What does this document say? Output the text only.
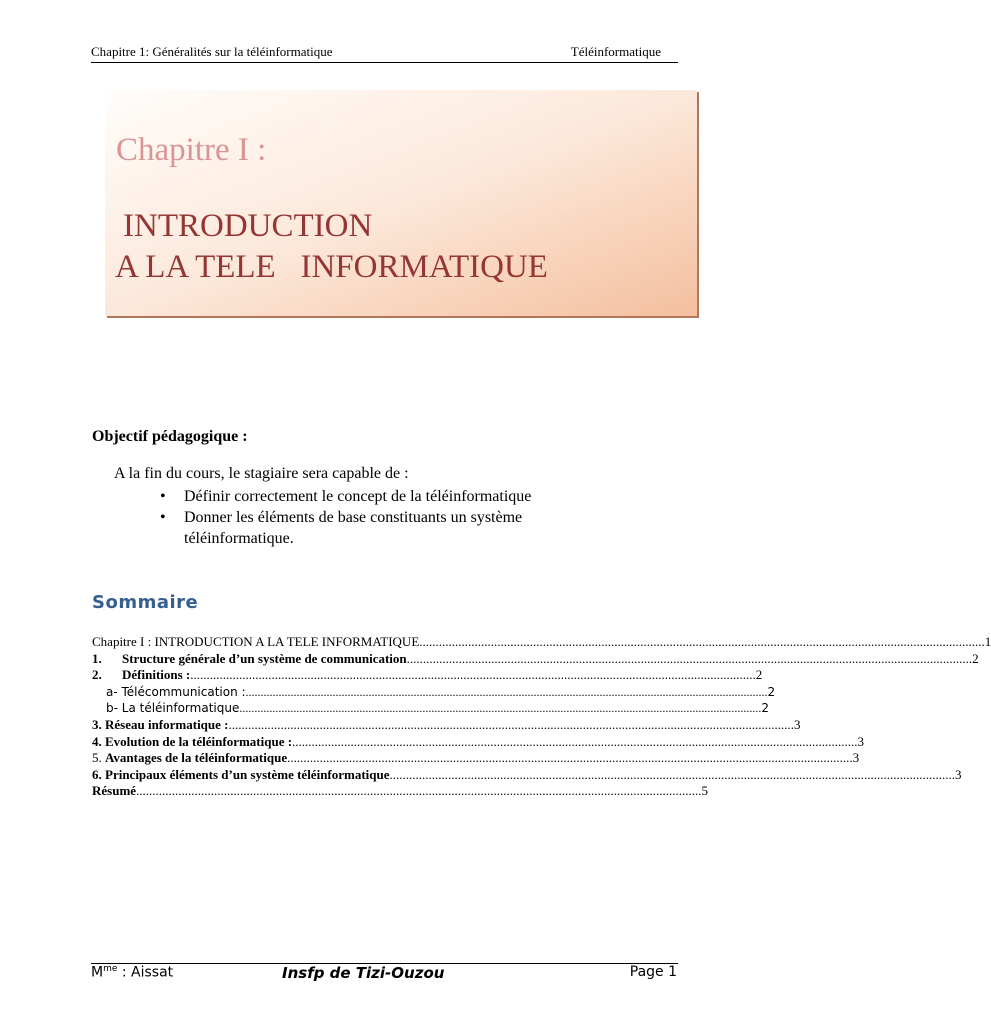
Chapitre 1: Généralités sur la téléinformatique	Téléinformatique
Chapitre I :
INTRODUCTION
A LA TELE   INFORMATIQUE
Objectif pédagogique :
A la fin du cours, le stagiaire sera capable de :
• Définir correctement le concept de la téléinformatique
• Donner les éléments de base constituants un système téléinformatique.
Sommaire
Chapitre I : INTRODUCTION A LA TELE INFORMATIQUE .............................................................................................................................................................................. 1
1. Structure générale d’un système de communication .............................................................................................................................................................................. 2
2. Définitions : .............................................................................................................................................................................. 2
a- Télécommunication : .............................................................................................................................................................................. 2
b- La téléinformatique .............................................................................................................................................................................. 2
3. Réseau informatique : .............................................................................................................................................................................. 3
4. Evolution de la téléinformatique : .............................................................................................................................................................................. 3
5. Avantages de la téléinformatique .............................................................................................................................................................................. 3
6. Principaux éléments d’un système téléinformatique .............................................................................................................................................................................. 3
Résumé .............................................................................................................................................................................. 5
$M^{me}$ : Aissat	Insfp de Tizi-Ouzou	Page 1
